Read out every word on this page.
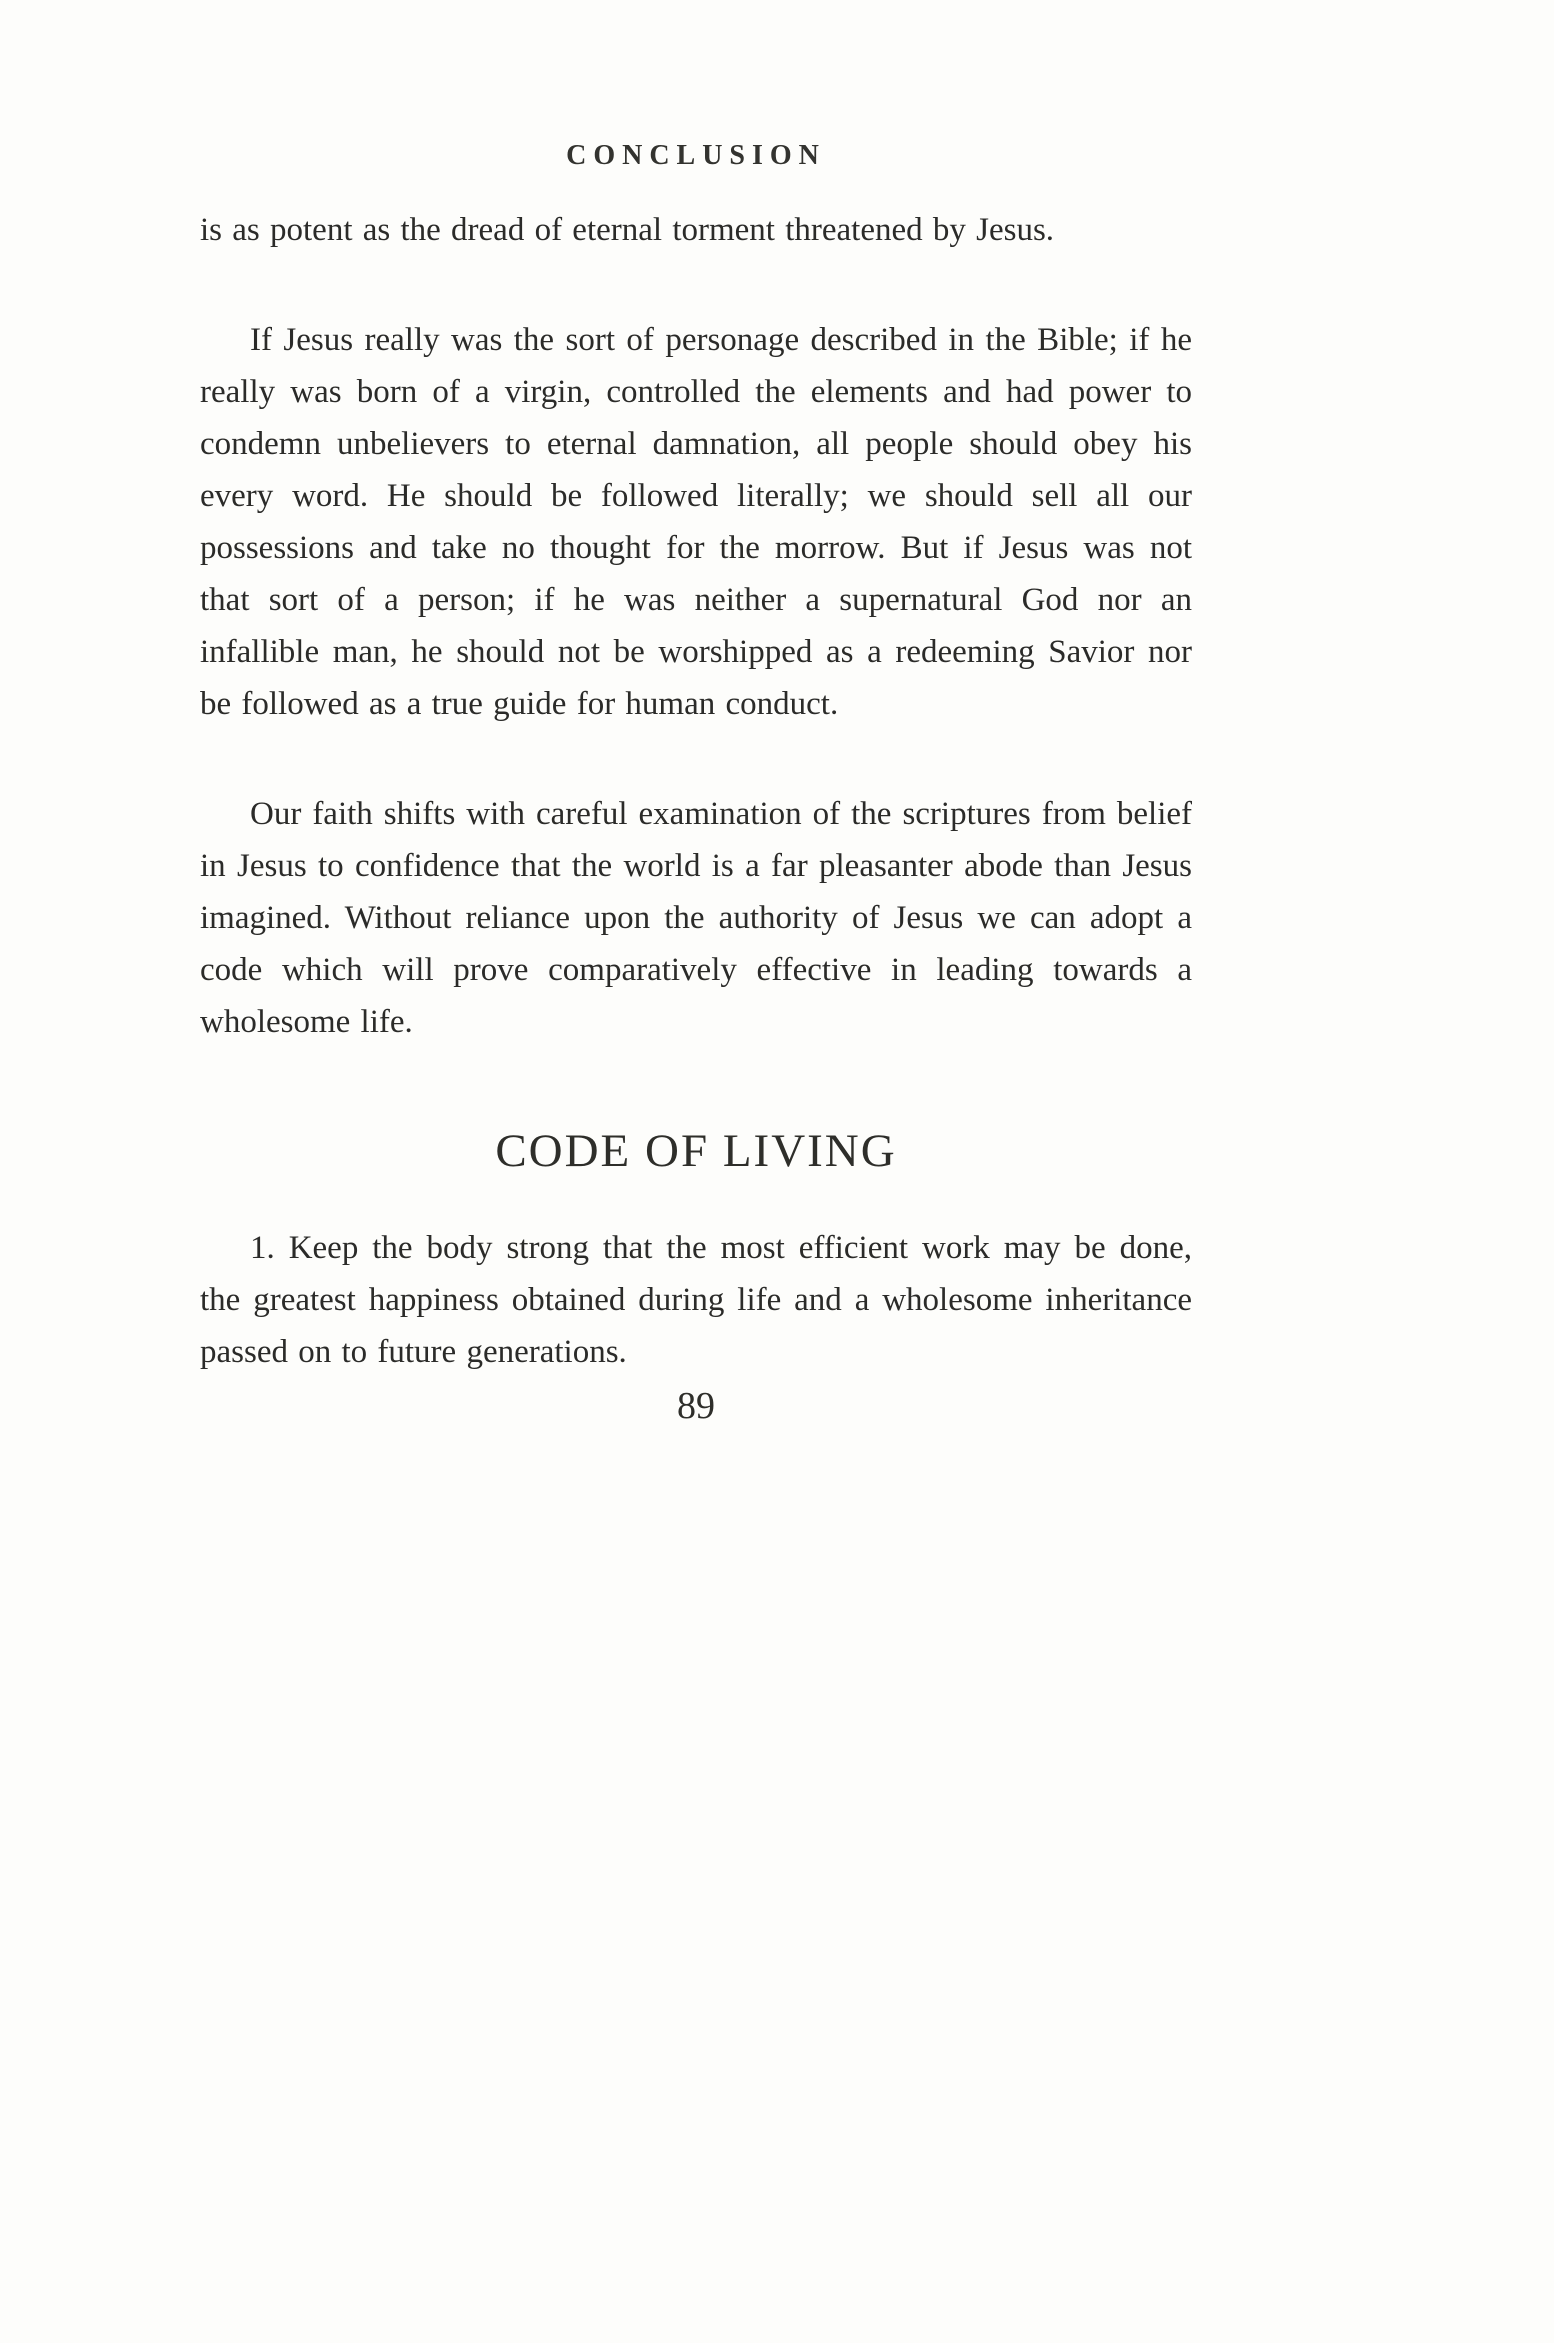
CONCLUSION

is as potent as the dread of eternal torment threatened by Jesus.

If Jesus really was the sort of personage described in the Bible; if he really was born of a virgin, controlled the elements and had power to condemn unbelievers to eternal damnation, all people should obey his every word. He should be followed literally; we should sell all our possessions and take no thought for the morrow. But if Jesus was not that sort of a person; if he was neither a supernatural God nor an infallible man, he should not be worshipped as a redeeming Savior nor be followed as a true guide for human conduct.

Our faith shifts with careful examination of the scriptures from belief in Jesus to confidence that the world is a far pleasanter abode than Jesus imagined. Without reliance upon the authority of Jesus we can adopt a code which will prove comparatively effective in leading towards a wholesome life.

CODE OF LIVING

1. Keep the body strong that the most efficient work may be done, the greatest happiness obtained during life and a wholesome inheritance passed on to future generations.

89
